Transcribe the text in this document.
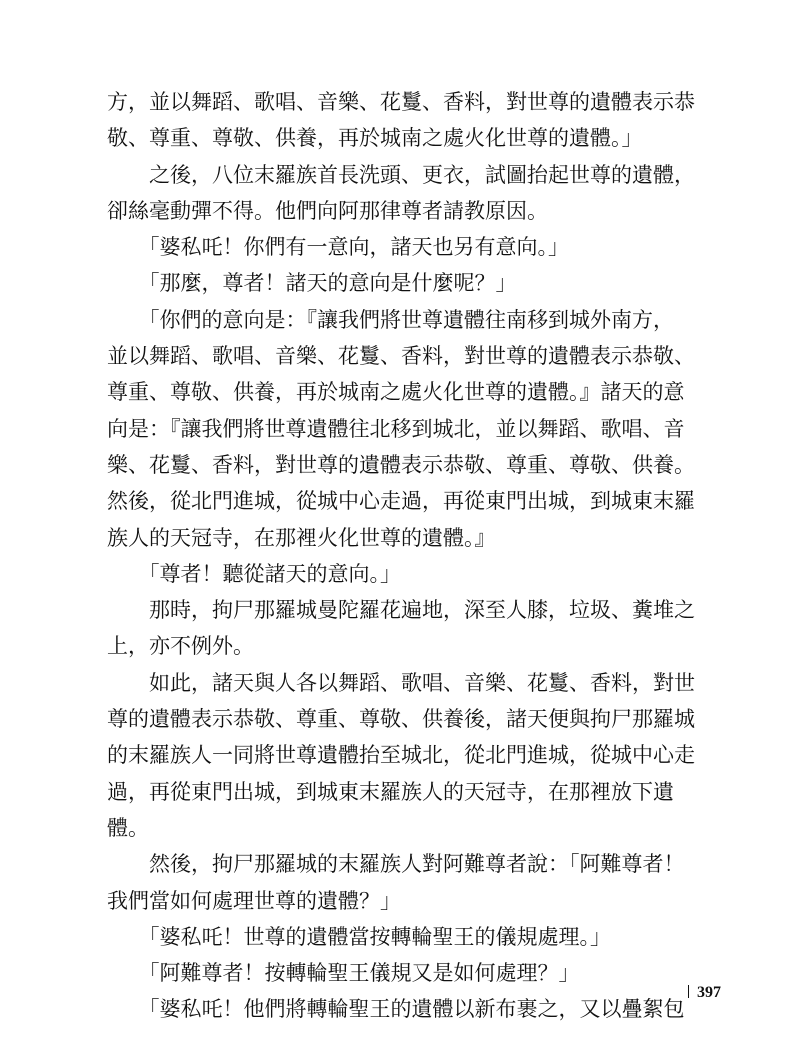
方，並以舞蹈、歌唱、音樂、花鬘、香料，對世尊的遺體表示恭
敬、尊重、尊敬、供養，再於城南之處火化世尊的遺體。」
　　之後，八位末羅族首長洗頭、更衣，試圖抬起世尊的遺體，
卻絲毫動彈不得。他們向阿那律尊者請教原因。
　　「婆私吒！你們有一意向，諸天也另有意向。」
　　「那麼，尊者！諸天的意向是什麼呢？」
　　「你們的意向是：『讓我們將世尊遺體往南移到城外南方，
並以舞蹈、歌唱、音樂、花鬘、香料，對世尊的遺體表示恭敬、
尊重、尊敬、供養，再於城南之處火化世尊的遺體。』諸天的意
向是：『讓我們將世尊遺體往北移到城北，並以舞蹈、歌唱、音
樂、花鬘、香料，對世尊的遺體表示恭敬、尊重、尊敬、供養。
然後，從北門進城，從城中心走過，再從東門出城，到城東末羅
族人的天冠寺，在那裡火化世尊的遺體。』
　　「尊者！聽從諸天的意向。」
　　那時，拘尸那羅城曼陀羅花遍地，深至人膝，垃圾、糞堆之
上，亦不例外。
　　如此，諸天與人各以舞蹈、歌唱、音樂、花鬘、香料，對世
尊的遺體表示恭敬、尊重、尊敬、供養後，諸天便與拘尸那羅城
的末羅族人一同將世尊遺體抬至城北，從北門進城，從城中心走
過，再從東門出城，到城東末羅族人的天冠寺，在那裡放下遺
體。
　　然後，拘尸那羅城的末羅族人對阿難尊者說：「阿難尊者！
我們當如何處理世尊的遺體？」
　　「婆私吒！世尊的遺體當按轉輪聖王的儀規處理。」
　　「阿難尊者！按轉輪聖王儀規又是如何處理？」
　　「婆私吒！他們將轉輪聖王的遺體以新布裹之，又以疊絮包
397
